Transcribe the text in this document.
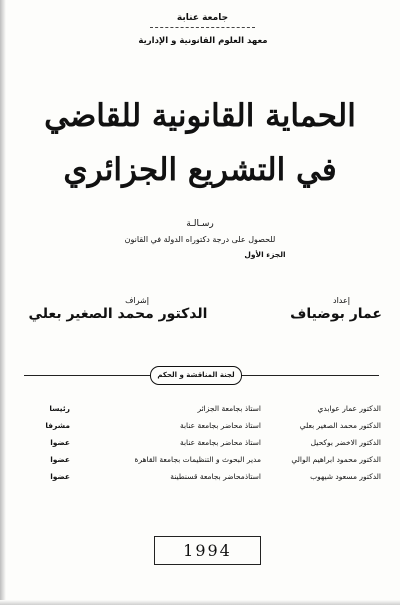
جامعة عنابة
معهد العلوم القانونية و الإدارية
الحماية القانونية للقاضي
في التشريع الجزائري
رسـالـة
للحصول على درجة دكتوراه الدولة في القانون
الجزء الأول
إعداد
إشراف
عمار بوضياف
الدكتور محمد الصغير بعلي
لجنة المناقشة و الحكم
الدكتور عمار عوابدي
استاذ بجامعة الجزائر
رئيسا
الدكتور محمد الصغير بعلي
استاذ محاضر بجامعة عنابة
مشرفا
الدكتور الاخضر بوكحيل
استاذ محاضر بجامعة عنابة
عضوا
الدكتور محمود ابراهيم الوالي
مدير البحوث و التنظيمات بجامعة القاهرة
عضوا
الدكتور مسعود شيهوب
استاذمحاضر بجامعة قسنطينة
عضوا
1994
